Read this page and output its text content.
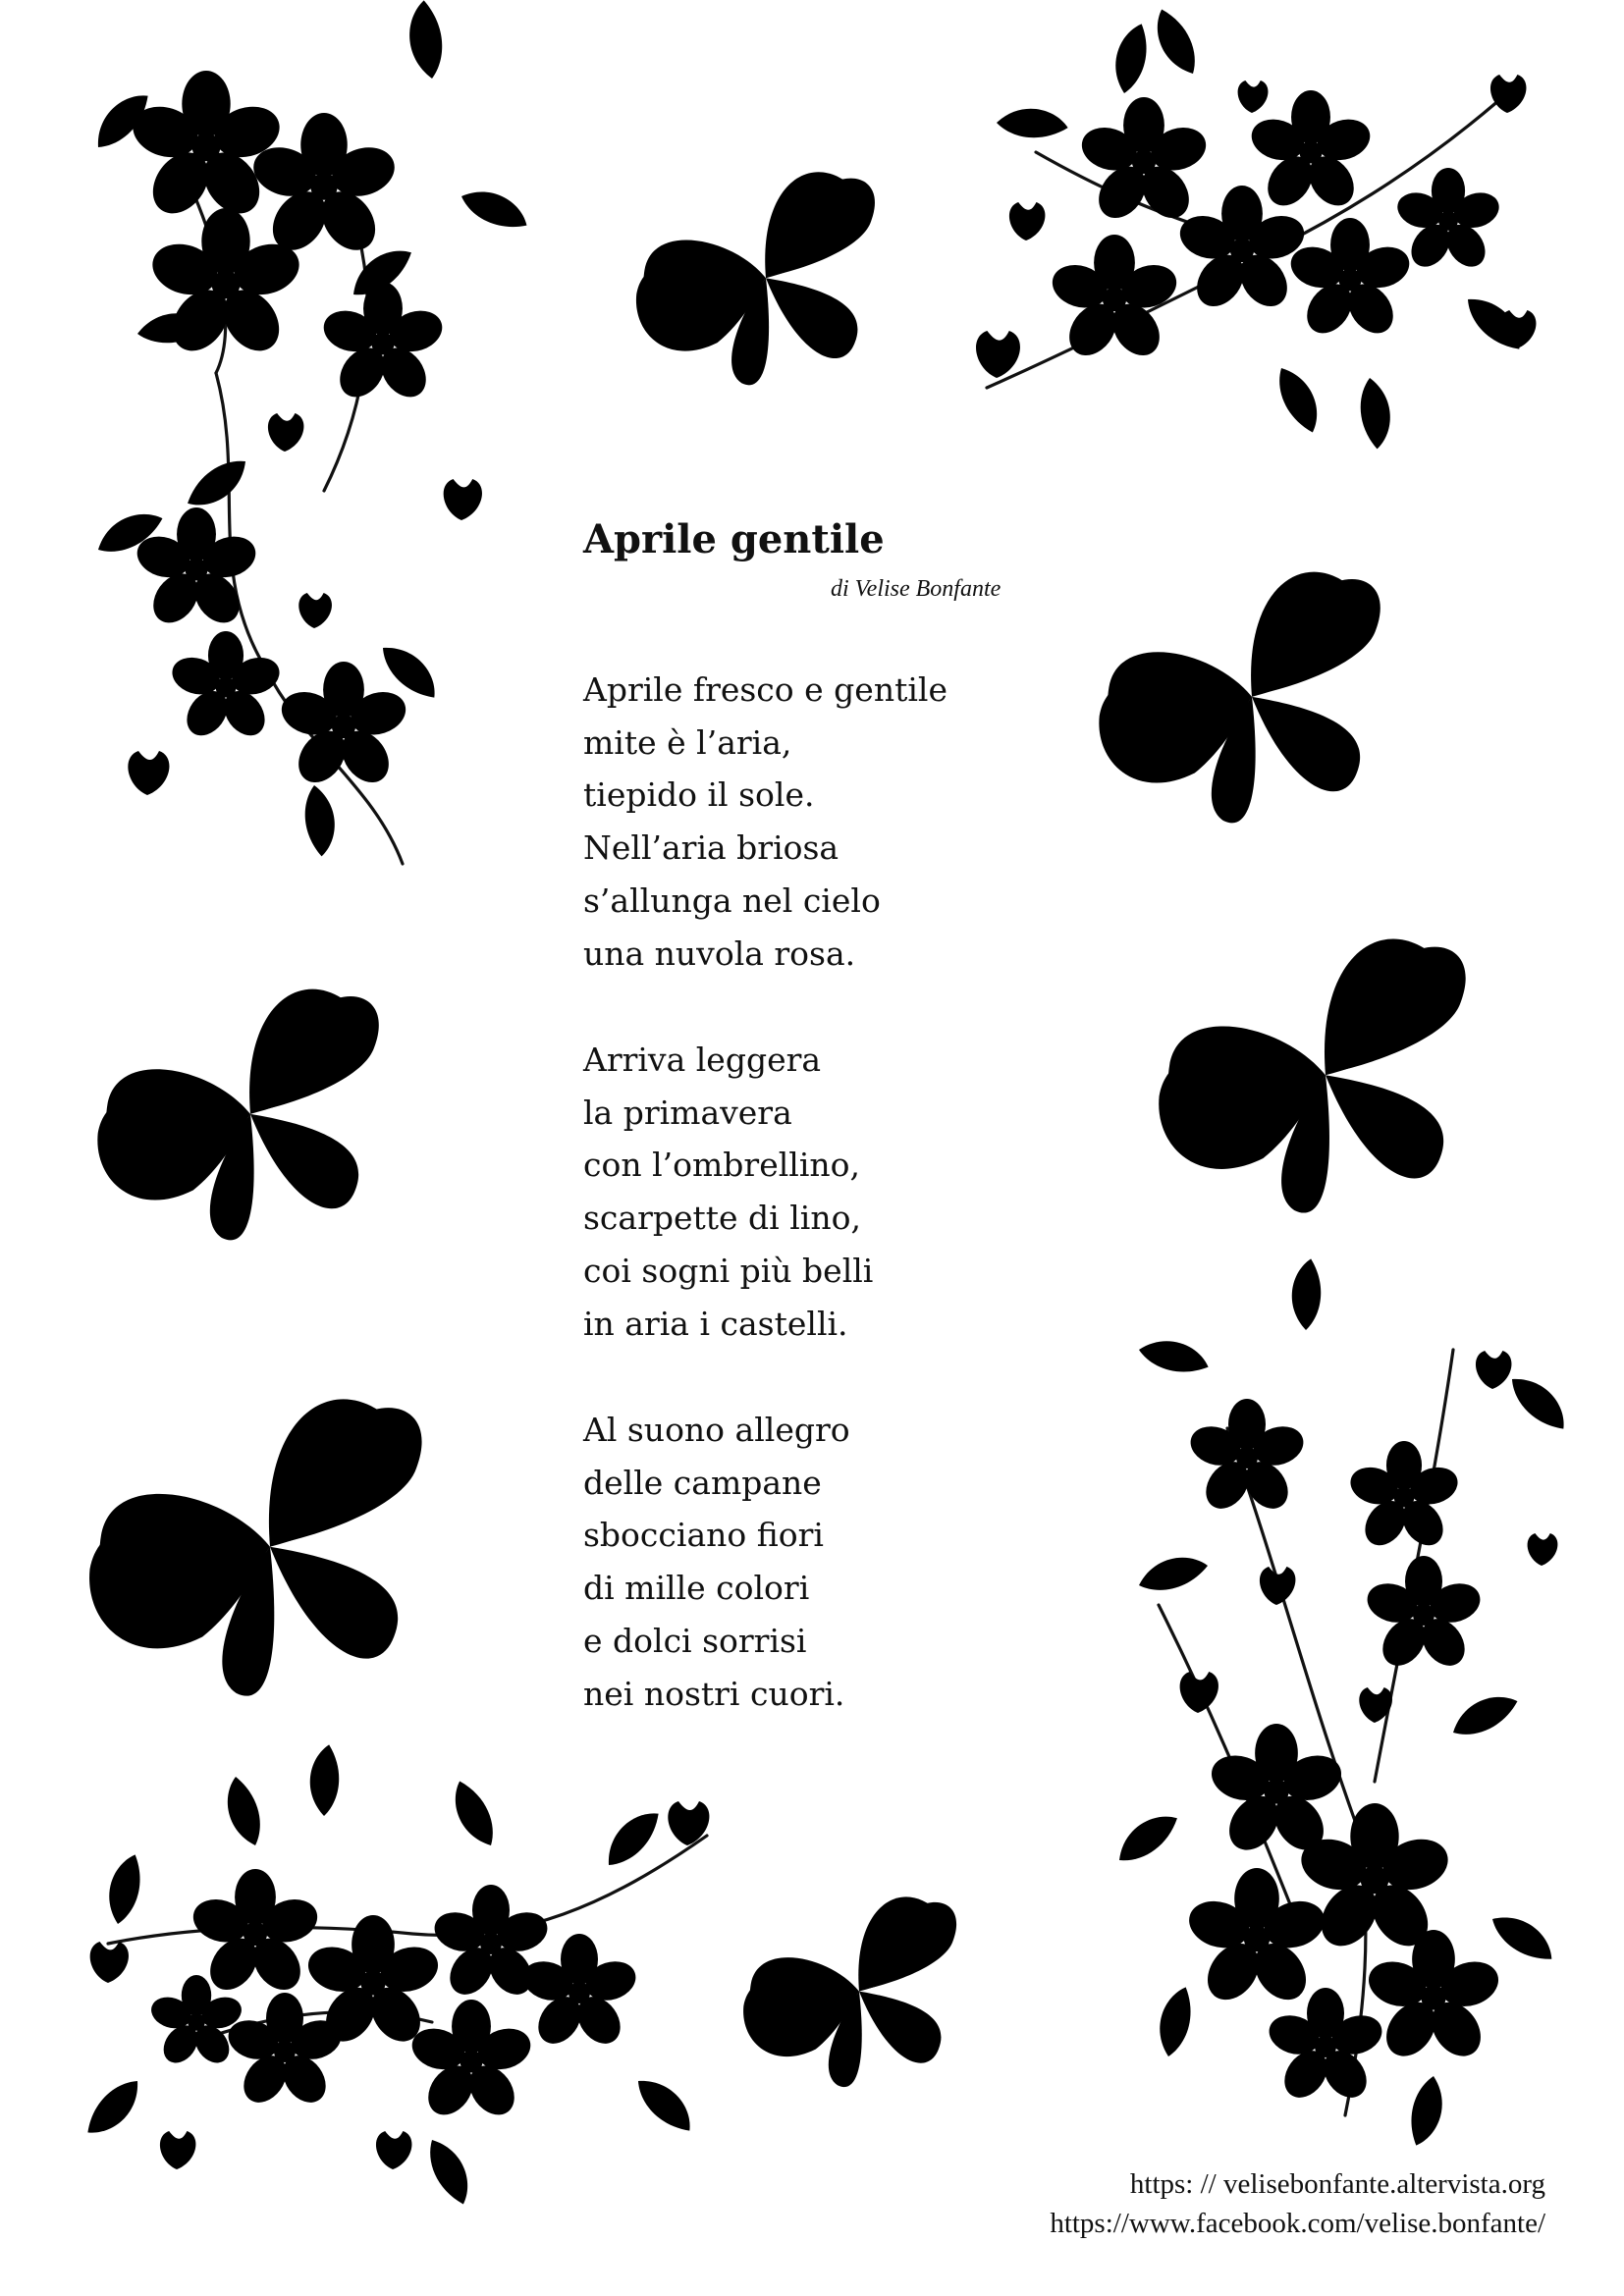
Aprile gentile
di Velise Bonfante

Aprile fresco e gentile
mite è l’aria,
tiepido il sole.
Nell’aria briosa
s’allunga nel cielo
una nuvola rosa.

Arriva leggera
la primavera
con l’ombrellino,
scarpette di lino,
coi sogni più belli
in aria i castelli.

Al suono allegro
delle campane
sbocciano fiori
di mille colori
e dolci sorrisi
nei nostri cuori.

https: // velisebonfante.altervista.org
https://www.facebook.com/velise.bonfante/
